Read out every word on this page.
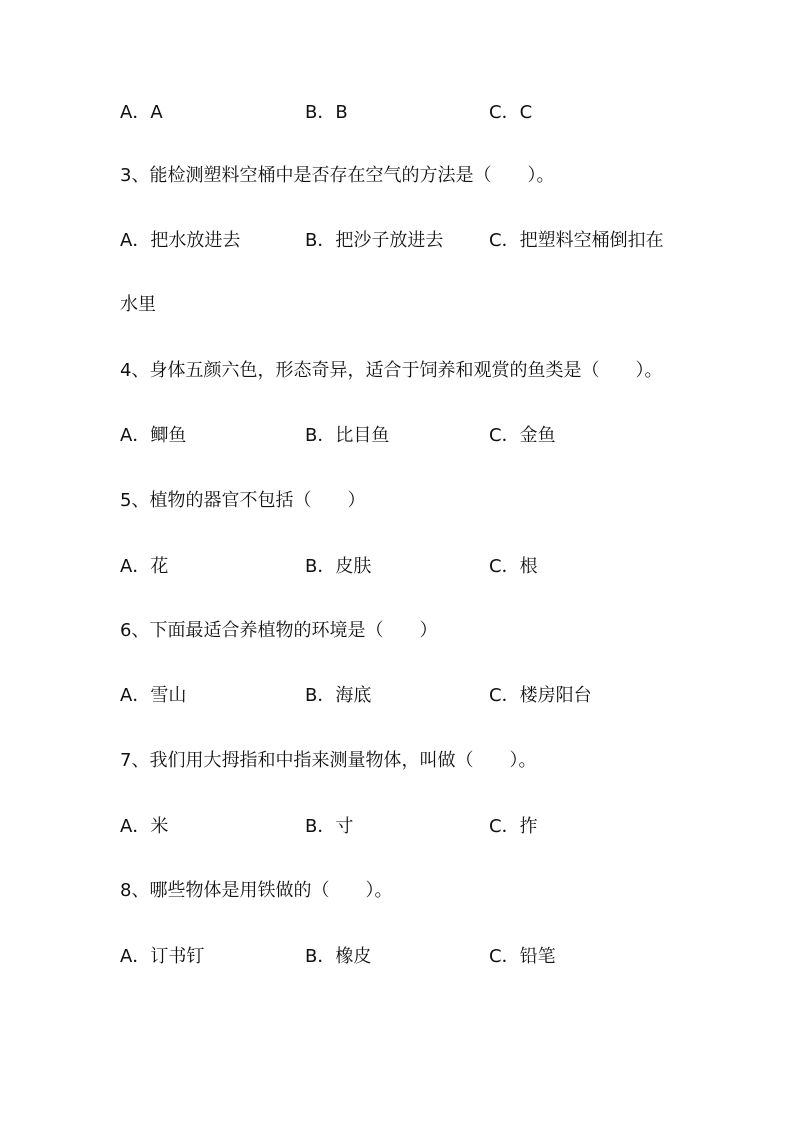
A．A	B．B	C．C
3、能检测塑料空桶中是否存在空气的方法是（　　）。
A．把水放进去	B．把沙子放进去	C．把塑料空桶倒扣在
水里
4、身体五颜六色，形态奇异，适合于饲养和观赏的鱼类是（　　）。
A．鲫鱼	B．比目鱼	C．金鱼
5、植物的器官不包括（　　）
A．花	B．皮肤	C．根
6、下面最适合养植物的环境是（　　）
A．雪山	B．海底	C．楼房阳台
7、我们用大拇指和中指来测量物体，叫做（　　）。
A．米	B．寸	C．拃
8、哪些物体是用铁做的（　　）。
A．订书钉	B．橡皮	C．铅笔
